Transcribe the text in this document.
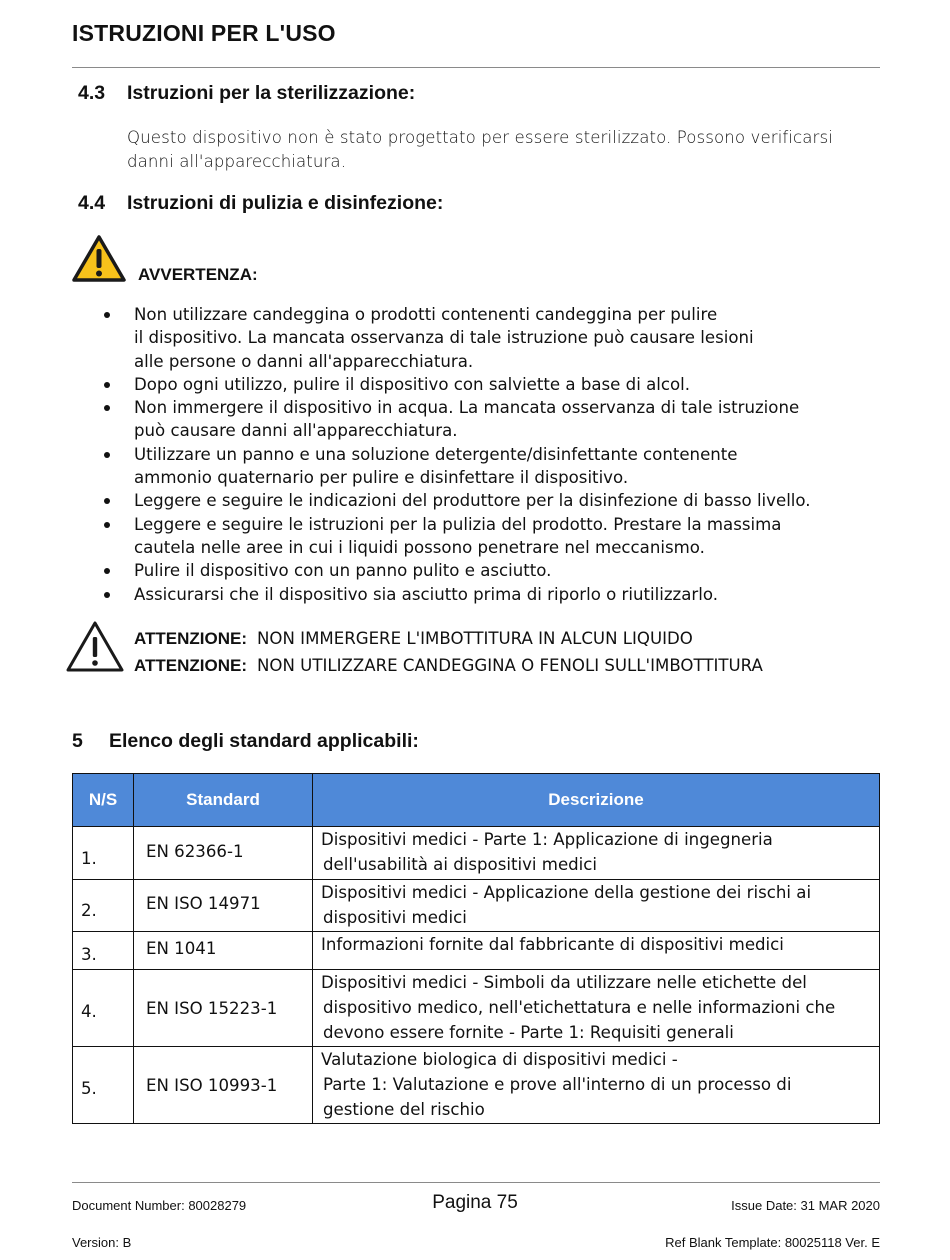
ISTRUZIONI PER L'USO
4.3 Istruzioni per la sterilizzazione:
Questo dispositivo non è stato progettato per essere sterilizzato. Possono verificarsi
danni all'apparecchiatura.
4.4 Istruzioni di pulizia e disinfezione:
AVVERTENZA:
Non utilizzare candeggina o prodotti contenenti candeggina per pulire
il dispositivo. La mancata osservanza di tale istruzione può causare lesioni
alle persone o danni all'apparecchiatura.
Dopo ogni utilizzo, pulire il dispositivo con salviette a base di alcol.
Non immergere il dispositivo in acqua. La mancata osservanza di tale istruzione
può causare danni all'apparecchiatura.
Utilizzare un panno e una soluzione detergente/disinfettante contenente
ammonio quaternario per pulire e disinfettare il dispositivo.
Leggere e seguire le indicazioni del produttore per la disinfezione di basso livello.
Leggere e seguire le istruzioni per la pulizia del prodotto. Prestare la massima
cautela nelle aree in cui i liquidi possono penetrare nel meccanismo.
Pulire il dispositivo con un panno pulito e asciutto.
Assicurarsi che il dispositivo sia asciutto prima di riporlo o riutilizzarlo.
ATTENZIONE: NON IMMERGERE L'IMBOTTITURA IN ALCUN LIQUIDO
ATTENZIONE: NON UTILIZZARE CANDEGGINA O FENOLI SULL'IMBOTTITURA
5 Elenco degli standard applicabili:
N/S	Standard	Descrizione
1.	EN 62366-1	Dispositivi medici - Parte 1: Applicazione di ingegneria
dell'usabilità ai dispositivi medici

2.	EN ISO 14971	Dispositivi medici - Applicazione della gestione dei rischi ai
dispositivi medici

3.	EN 1041	Informazioni fornite dal fabbricante di dispositivi medici

4.	EN ISO 15223-1	Dispositivi medici - Simboli da utilizzare nelle etichette del
dispositivo medico, nell'etichettatura e nelle informazioni che
devono essere fornite - Parte 1: Requisiti generali

5.	EN ISO 10993-1	Valutazione biologica di dispositivi medici -
Parte 1: Valutazione e prove all'interno di un processo di
gestione del rischio
Document Number: 80028279	Pagina 75	Issue Date: 31 MAR 2020
Version: B	Ref Blank Template: 80025118 Ver. E
